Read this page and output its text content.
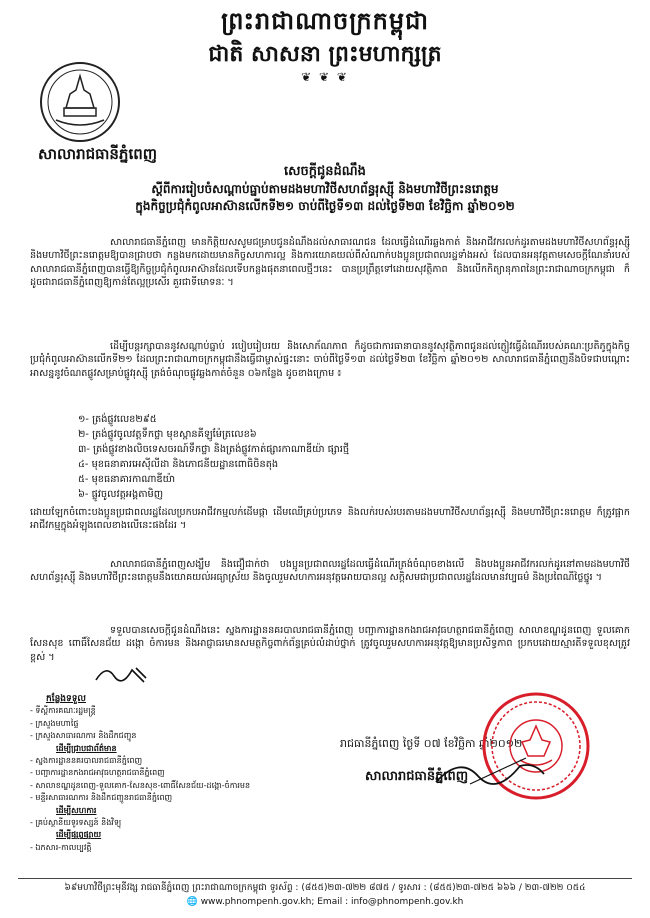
ព្រះរាជាណាចក្រកម្ពុជា
ជាតិ សាសនា ព្រះមហាក្សត្រ
❦ ❦ ❦
សាលារាជធានីភ្នំពេញ
សេចក្តីជូនដំណឹង
ស្តីពីការរៀបចំសណ្តាប់ធ្នាប់តាមដងមហាវិថីសហព័ន្ធរុស្ស៊ី និងមហាវិថីព្រះនរោត្តម
ក្នុងកិច្ចប្រជុំកំពូលអាស៊ានលើកទី២១ ចាប់ពីថ្ងៃទី១៣ ដល់ថ្ងៃទី២៣ ខែវិច្ឆិកា ឆ្នាំ២០១២
សាលារាជធានីភ្នំពេញ មានកិត្តិយសសូមជម្រាបជូនដំណឹងដល់សាធារណជន ដែលធ្វើដំណើរឆ្លងកាត់ និងអាជីវករលក់ដូរតាមដងមហាវិថីសហព័ន្ធរុស្ស៊ី និងមហាវិថីព្រះនរោត្តមឱ្យបានជ្រាបថា កន្លងមកដោយមានកិច្ចសហការល្អ និងការយោគយល់ពីសំណាក់បងប្អូនប្រជាពលរដ្ឋទាំងអស់ ដែលបានអនុវត្តតាមសេចក្តីណែនាំរបស់សាលារាជធានីភ្នំពេញបានធ្វើឱ្យកិច្ចប្រជុំកំពូលអាស៊ានដែលទើបកន្លងផុតនាពេលថ្មីៗនេះ បានប្រព្រឹត្តទៅដោយសុវត្ថិភាព និងលើកកិត្យានុភាពនៃព្រះរាជាណាចក្រកម្ពុជា ក៏ដូចជារាជធានីភ្នំពេញឱ្យកាន់តែល្អប្រសើរ គួរជាទីមោទនៈ ។
ដើម្បីបន្តរក្សាបាននូវសណ្តាប់ធ្នាប់ របៀបរៀបរយ និងសោភ័ណភាព ក៏ដូចជាការធានាបាននូវសុវត្ថិភាពជូនដល់ភ្ញៀវធ្វើដំណើររបស់គណៈប្រតិភូក្នុងកិច្ចប្រជុំកំពូលអាស៊ានលើកទី២១ ដែលព្រះរាជាណាចក្រកម្ពុជានឹងធ្វើជាម្ចាស់ផ្ទះនោះ ចាប់ពីថ្ងៃទី១៣ ដល់ថ្ងៃទី២៣ ខែវិច្ឆិកា ឆ្នាំ២០១២ សាលារាជធានីភ្នំពេញនឹងបិទជាបណ្តោះអាសន្ននូវចំណតផ្លូវសម្រាប់ផ្លូវរុស្ស៊ី ត្រង់ចំណុចផ្លូវឆ្លងកាត់ចំនួន ០៦កន្លែង ដូចខាងក្រោម ៖
១- ត្រង់ផ្លូវលេខ២៩៥
២- ត្រង់ផ្លូវចូលវត្តទឹកថ្លា មុខស្ពានគីឡូម៉ែត្រលេខ៦
៣- ត្រង់ផ្លូវខាងលិចទេសចរណ៍ទឹកថ្លា និងត្រង់ផ្លូវកាត់ផ្សារកាណាឌីយ៉ា ផ្សារថ្មី
៤- មុខធនាគារអេស៊ីលីដា និងភោជនីយដ្ឋានពោធិចិនតុង
៥- មុខធនាគារកាណាឌីយ៉ា
៦- ផ្លូវចូលវត្តអង្គតាមិញ
ដោយឡែកចំពោះបងប្អូនប្រជាពលរដ្ឋដែលប្រកបអាជីវកម្មលក់ដើមផ្កា ដើមឈើគ្រប់ប្រភេទ និងលក់របស់របរតាមដងមហាវិថីសហព័ន្ធរុស្ស៊ី និងមហាវិថីព្រះនរោត្តម ក៏ត្រូវផ្អាកអាជីវកម្មក្នុងអំឡុងពេលខាងលើនេះផងដែរ ។
សាលារាជធានីភ្នំពេញសង្ឃឹម និងជឿជាក់ថា បងប្អូនប្រជាពលរដ្ឋដែលធ្វើដំណើរត្រង់ចំណុចខាងលើ និងបងប្អូនអាជីវករលក់ដូរនៅតាមដងមហាវិថីសហព័ន្ធរុស្ស៊ី និងមហាវិថីព្រះនរោត្តមនឹងយោគយល់អធ្យាស្រ័យ និងចូលរួមសហការអនុវត្តអោយបានល្អ សក្តិសមជាប្រជាពលរដ្ឋដែលមានវប្បធម៌ និងប្រពៃណីថ្លៃថ្នូរ ។
ទទួលបានសេចក្តីជូនដំណឹងនេះ ស្នងការដ្ឋាននគរបាលរាជធានីភ្នំពេញ បញ្ជាការដ្ឋានកងរាជអាវុធហត្ថរាជធានីភ្នំពេញ សាលាខណ្ឌដូនពេញ ទួលគោក សែនសុខ ពោធិ៍សែនជ័យ ដង្កោ ចំការមន និងអាជ្ញាធរមានសមត្ថកិច្ចពាក់ព័ន្ធគ្រប់លំដាប់ថ្នាក់ ត្រូវចូលរួមសហការអនុវត្តឱ្យមានប្រសិទ្ធភាព ប្រកបដោយស្មារតីទទួលខុសត្រូវខ្ពស់ ។
កន្លែងទទួល
- ទីស្តីការគណៈរដ្ឋមន្ត្រី
- ក្រសួងមហាផ្ទៃ
- ក្រសួងសាធារណការ និងដឹកជញ្ជូន
ដើម្បីជ្រាបជាព័ត៌មាន
- ស្នងការដ្ឋាននគរបាលរាជធានីភ្នំពេញ
- បញ្ជាការដ្ឋានកងរាជអាវុធហត្ថរាជធានីភ្នំពេញ
- សាលាខណ្ឌដូនពេញ-ទួលគោក-សែនសុខ-ពោធិ៍សែនជ័យ-ដង្កោ-ចំការមន
- មន្ទីរសាធារណការ និងដឹកជញ្ជូនរាជធានីភ្នំពេញ
ដើម្បីសហការ
- គ្រប់ស្ថានីយទូរទស្សន៍ និងវិទ្យុ
ដើម្បីផ្សព្វផ្សាយ
- ឯកសារ-កាលប្បវត្តិ
រាជធានីភ្នំពេញ ថ្ងៃទី ០៧ ខែវិច្ឆិកា ឆ្នាំ២០១២
សាលារាជធានីភ្នំពេញ
៦៩មហាវិថីព្រះមុនីវង្ស រាជធានីភ្នំពេញ ព្រះរាជាណាចក្រកម្ពុជា ទូរស័ព្ទ : (៨៥៥)២៣-៧២២ ៨៧៥ / ទូរសារ : (៨៥៥)២៣-៧២៥ ៦៦៦ / ២៣-៧២២ ០៥៤
🌐 www.phnompenh.gov.kh; Email : info@phnompenh.gov.kh
